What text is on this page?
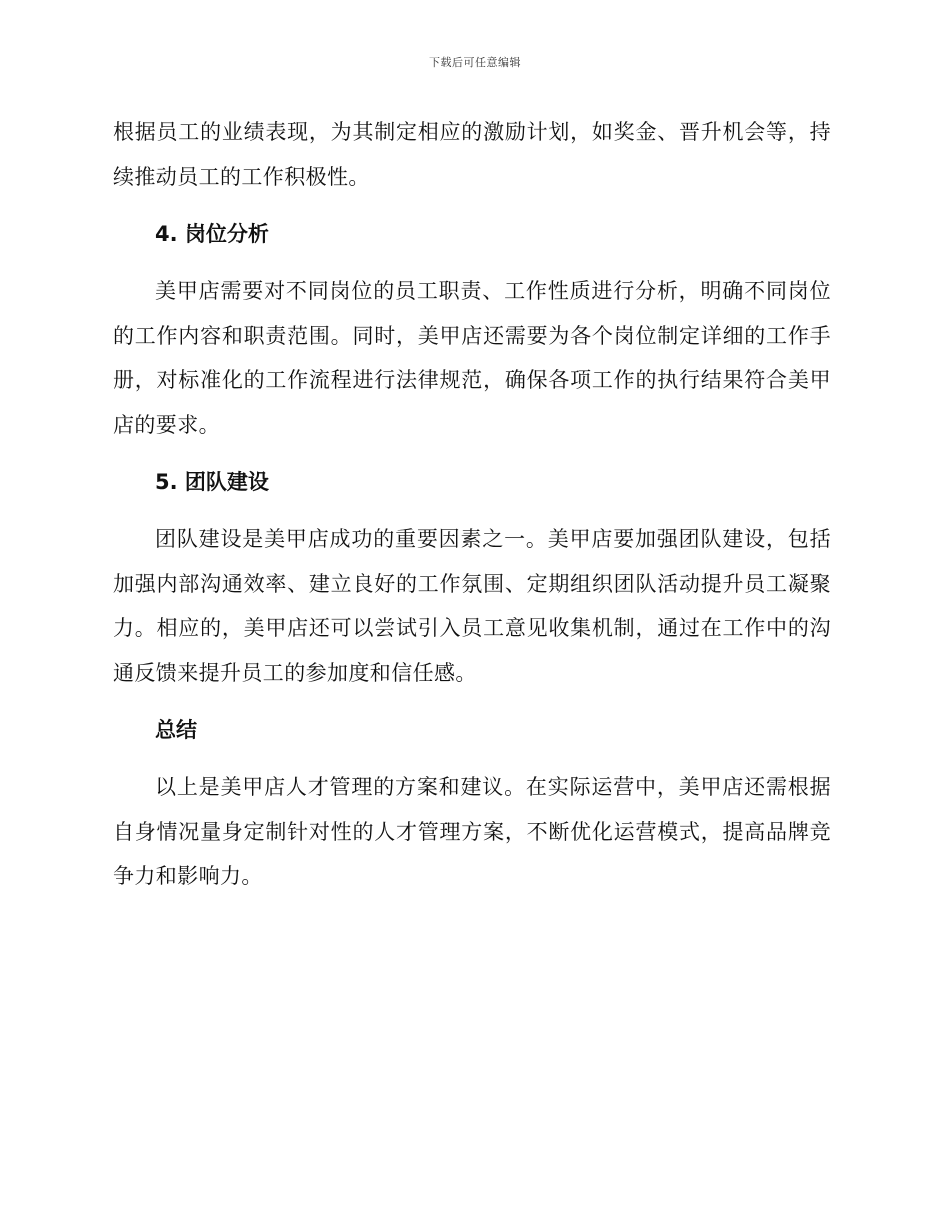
下载后可任意编辑

根据员工的业绩表现，为其制定相应的激励计划，如奖金、晋升机会等，持续推动员工的工作积极性。

4. 岗位分析

美甲店需要对不同岗位的员工职责、工作性质进行分析，明确不同岗位的工作内容和职责范围。同时，美甲店还需要为各个岗位制定详细的工作手册，对标准化的工作流程进行法律规范，确保各项工作的执行结果符合美甲店的要求。

5. 团队建设

团队建设是美甲店成功的重要因素之一。美甲店要加强团队建设，包括加强内部沟通效率、建立良好的工作氛围、定期组织团队活动提升员工凝聚力。相应的，美甲店还可以尝试引入员工意见收集机制，通过在工作中的沟通反馈来提升员工的参加度和信任感。

总结

以上是美甲店人才管理的方案和建议。在实际运营中，美甲店还需根据自身情况量身定制针对性的人才管理方案，不断优化运营模式，提高品牌竞争力和影响力。
